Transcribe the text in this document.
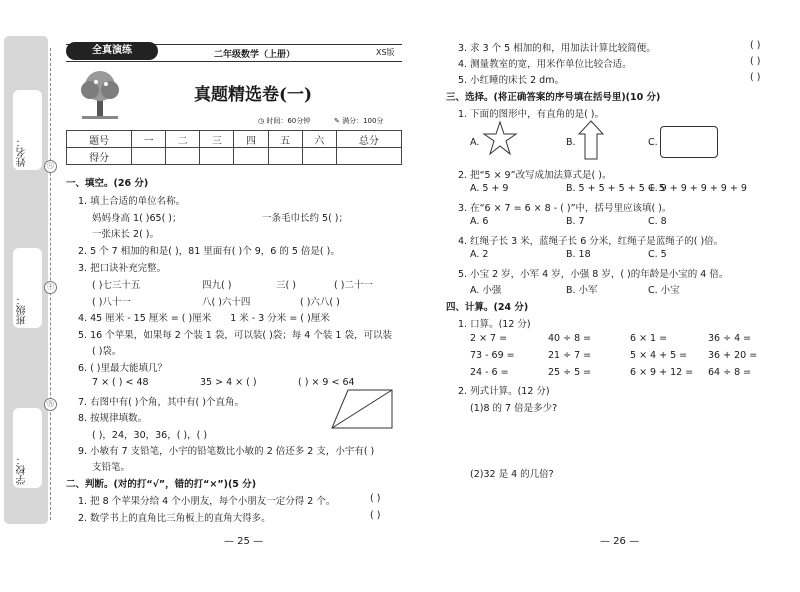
姓名：
班级：
学校：
㊇
㊉
㊈
全真演练	二年级数学（上册）	XS版
真题精选卷(一)
◷ 时间：60分钟	✎ 满分：100分
题号	一	二	三	四	五	六	总分
得分							
一、填空。(26 分)
1. 填上合适的单位名称。
妈妈身高 1( )65( )；	一条毛巾长约 5( )；
一张床长 2( )。
2. 5 个 7 相加的和是( )，81 里面有( )个 9，6 的 5 倍是( )。
3. 把口诀补充完整。
( )七三十五	四九( )	三( )	( )二十一
( )八十一	八( )六十四	( )六八( )
4. 45 厘米 - 15 厘米 = ( )厘米　　1 米 - 3 分米 = ( )厘米
5. 16 个苹果，如果每 2 个装 1 袋，可以装( )袋；每 4 个装 1 袋，可以装
( )袋。
6. ( )里最大能填几？
7 × ( ) < 48	35 > 4 × ( )	( ) × 9 < 64
7. 右图中有( )个角，其中有( )个直角。
8. 按规律填数。
( )，24，30，36，( )，( )
9. 小敏有 7 支铅笔，小宇的铅笔数比小敏的 2 倍还多 2 支，小宇有( )
支铅笔。
二、判断。(对的打“√”，错的打“×”)(5 分)
1. 把 8 个苹果分给 4 个小朋友，每个小朋友一定分得 2 个。	( )
2. 数学书上的直角比三角板上的直角大得多。	( )
— 25 —
3. 求 3 个 5 相加的和，用加法计算比较简便。	( )
4. 测量教室的宽，用米作单位比较合适。	( )
5. 小红睡的床长 2 dm。	( )
三、选择。(将正确答案的序号填在括号里)(10 分)
1. 下面的图形中，有直角的是( )。
A.	B.	C.
2. 把“5 × 9”改写成加法算式是( )。
A. 5 + 9	B. 5 + 5 + 5 + 5 + 5
C. 9 + 9 + 9 + 9 + 9
3. 在“6 × 7 = 6 × 8 - ( )”中，括号里应该填( )。
A. 6	B. 7	C. 8
4. 红绳子长 3 米，蓝绳子长 6 分米，红绳子是蓝绳子的( )倍。
A. 2	B. 18	C. 5
5. 小宝 2 岁，小军 4 岁，小强 8 岁，( )的年龄是小宝的 4 倍。
A. 小强	B. 小军	C. 小宝
四、计算。(24 分)
1. 口算。(12 分)
2 × 7 =	40 ÷ 8 =	6 × 1 =	36 ÷ 4 =
73 - 69 =	21 ÷ 7 =	5 × 4 + 5 = 36 + 20 =
24 - 6 =	25 ÷ 5 =	6 × 9 + 12 = 64 ÷ 8 =
2. 列式计算。(12 分)
(1)8 的 7 倍是多少?
(2)32 是 4 的几倍?
— 26 —
